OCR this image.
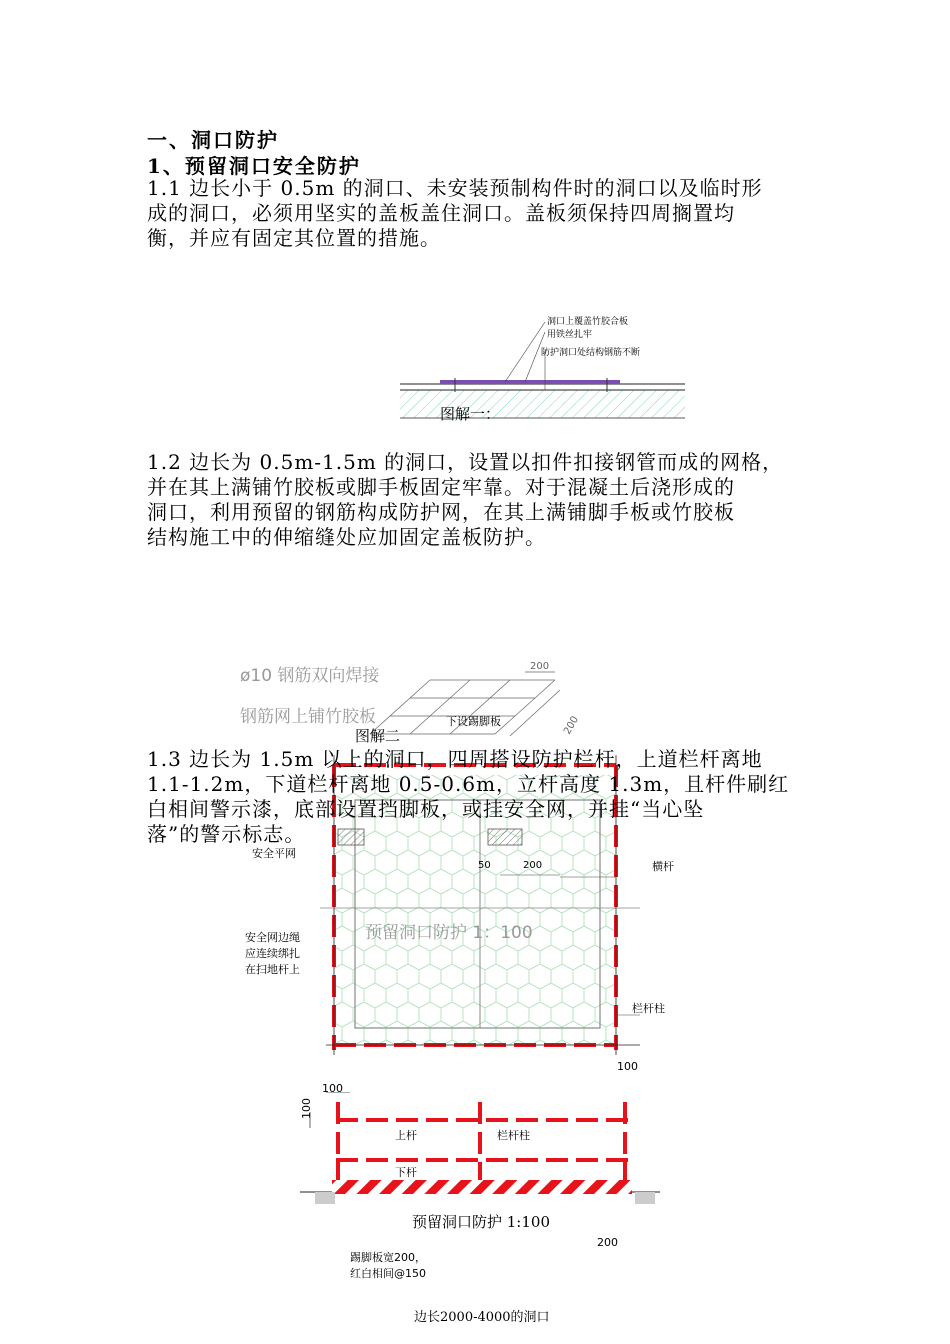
一、洞口防护
1、预留洞口安全防护
1.1 边长小于 0.5m 的洞口、未安装预制构件时的洞口以及临时形
成的洞口，必须用坚实的盖板盖住洞口。盖板须保持四周搁置均
衡，并应有固定其位置的措施。
洞口上覆盖竹胶合板
用铁丝扎牢
防护洞口处结构钢筋不断
图解一：
1.2 边长为 0.5m-1.5m 的洞口，设置以扣件扣接钢管而成的网格，
并在其上满铺竹胶板或脚手板固定牢靠。对于混凝土后浇形成的
洞口，利用预留的钢筋构成防护网，在其上满铺脚手板或竹胶板
结构施工中的伸缩缝处应加固定盖板防护。
ø10 钢筋双向焊接
钢筋网上铺竹胶板
200
200
下设踢脚板
图解二
1.3 边长为 1.5m 以上的洞口，四周搭设防护栏杆，上道栏杆离地
1.1-1.2m，下道栏杆离地 0.5-0.6m，立杆高度 1.3m，且杆件刷红
白相间警示漆，底部设置挡脚板，或挂安全网，并挂“当心坠
落”的警示标志。
安全平网
横杆
安全网边绳
应连续绑扎
在扫地杆上
预留洞口防护 1：100
50	200
栏杆柱
100
100
100
上杆	栏杆柱
下杆
预留洞口防护 1:100
200
踢脚板宽200，
红白相间@150
边长2000-4000的洞口
